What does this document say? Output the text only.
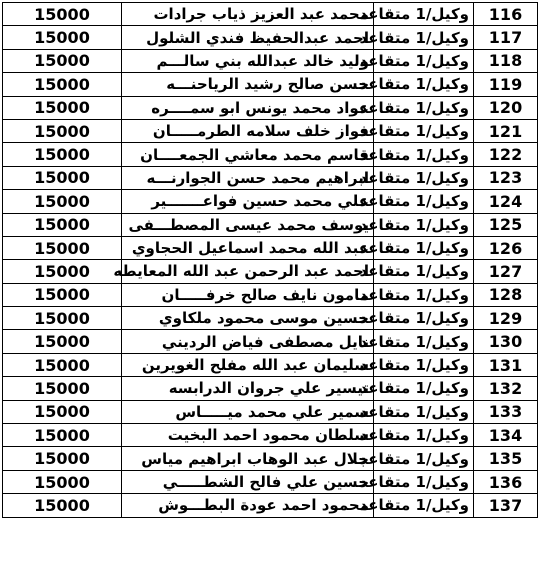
116	وكيل/1 متقاعد	محمد عبد العزيز ذياب جرادات	15000
117	وكيل/1 متقاعد	احمد عبدالحفيظ فندي الشلول	15000
118	وكيل/1 متقاعد	وليد خالد عبدالله بني سالـــم	15000
119	وكيل/1 متقاعد	حسن صالح رشيد الرياحنـــه	15000
120	وكيل/1 متقاعد	عواد محمد يونس ابو سمــــره	15000
121	وكيل/1 متقاعد	فواز خلف سلامه الطرمـــــان	15000
122	وكيل/1 متقاعد	قاسم محمد معاشي الجمعــــان	15000
123	وكيل/1 متقاعد	ابراهيم محمد حسن الجوارنـــه	15000
124	وكيل/1 متقاعد	علي محمد حسين فواعـــــــير	15000
125	وكيل/1 متقاعد	يوسف محمد عيسى المصطـــفى	15000
126	وكيل/1 متقاعد	عبد الله محمد اسماعيل الحجاوي	15000
127	وكيل/1 متقاعد	احمد عبد الرحمن عبد الله المعايطه	15000
128	وكيل/1 متقاعد	مامون نايف صالح خرفـــــان	15000
129	وكيل/1 متقاعد	حسين موسى محمود ملكاوي	15000
130	وكيل/1 متقاعد	نايل مصطفى فياض الرديني	15000
131	وكيل/1 متقاعد	سليمان عبد الله مفلح الغويرين	15000
132	وكيل/1 متقاعد	تيسير علي جروان الدرابسه	15000
133	وكيل/1 متقاعد	سمير علي محمد ميـــــاس	15000
134	وكيل/1 متقاعد	سلطان محمود احمد البخيت	15000
135	وكيل/1 متقاعد	جلال عبد الوهاب ابراهيم مياس	15000
136	وكيل/1 متقاعد	حسين علي فالح الشطـــــي	15000
137	وكيل/1 متقاعد	محمود احمد عودة البطـــوش	15000
